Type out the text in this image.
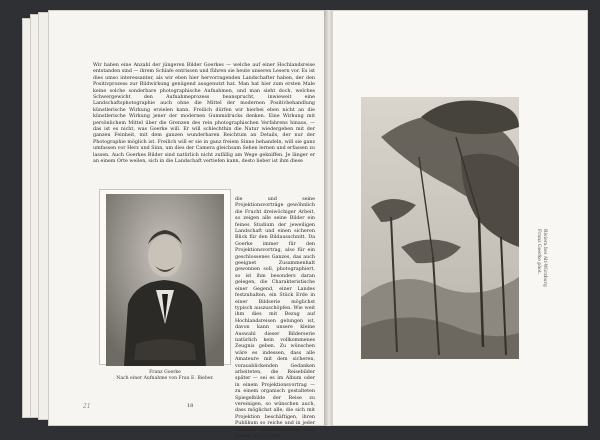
Wir haben eine Anzahl der jüngeren Bilder Goerkes — welche auf einer Hochlandsreise entstanden sind — ihrem Schlafe entrissen und führen sie heute unseren Lesern vor. Es ist dies umso interessanter, als wir eben hier hervorragenden Landschafter haben, der den Positivprozess zur Bildwirkung genügend ausgenutzt hat. Man hat hier zum ersten Male keine solche sonderbare photographische Aufnahmen, und man sieht doch, welches Schwergewicht den Aufnahmeprozess beansprucht, inwieweit eine Landschaftsphotographie auch ohne die Mittel der modernen Positivbehandlung künstlerische Wirkung erzielen kann. Freilich dürfen wir hierbei eben nicht an die künstlerische Wirkung jener der modernen Gummidrucks denken. Eine Wirkung mit persönlichem Mittel über die Grenzen des rein photographischen Verfahrens hinaus, — das ist es nicht, was Goerke will. Er will schlechthin die Natur wiedergeben mit der ganzen Feinheit, mit dem ganzen wunderbaren Reichtum an Details, der nur der Photographie möglich ist. Freilich will er sie in ganz freiem Sinne behandeln, will sie ganz umfassen vor Herz und Sinn, um dies der Camera gleichsam Sehen lernen und erfassen zu lassen. Auch Goerkes Bilder sind natürlich nicht zufällig am Wege gekniffen. Je länger er an einem Orte weilen, sich in die Landschaft vertiefen kann, desto lieber ist ihm diese

Franz Goerke
Nach einer Aufnahme von Frau E. Bieber.

die und seine Projektionsvorträge gewöhnlich die Frucht dreiwöchiger Arbeit, so zeigen alle seine Bilder ein feines Studium der jeweiligen Landschaft und einen sicheren Blick für den Bildausschnitt. Da Goerke immer für den Projektionsvortrag, also für ein geschlossenes Ganzes, das auch geeignet Zusammenhalt gewonnen soll, photographiert, so ist ihm besonders daran gelegen, die Charakteristische einer Gegend, einer Landes festzuhalten, ein Stück Erde in einer Bildserie möglichst typisch auszuschöpfen. Wie weit ihm dies mit Bezug auf Hochlandsreisen gelungen ist, davon kann unsere kleine Auswahl dieser Bilderserie natürlich kein vollkommenes Zeugnis geben. Zu wünschen wäre es indessen, dass alle Amateure mit dem sicheren, vorausblickenden Gedanken arbeiteten, die Reisebilder später — sei es im Album oder in einem Projektionsvortrag — zu einem organisch gestalteten Spiegelbilde der Reise zu vereinigen, so wünschen auch, dass möglichst alle, die sich mit Projektion beschäftigen, ihren Publikum so reiche und in jeder Hinsicht wohlvorbereitete Kost bieten, wie Goerke.

18
21
Riviera bei Alt-Würzburg
Franz Goerke phot.
